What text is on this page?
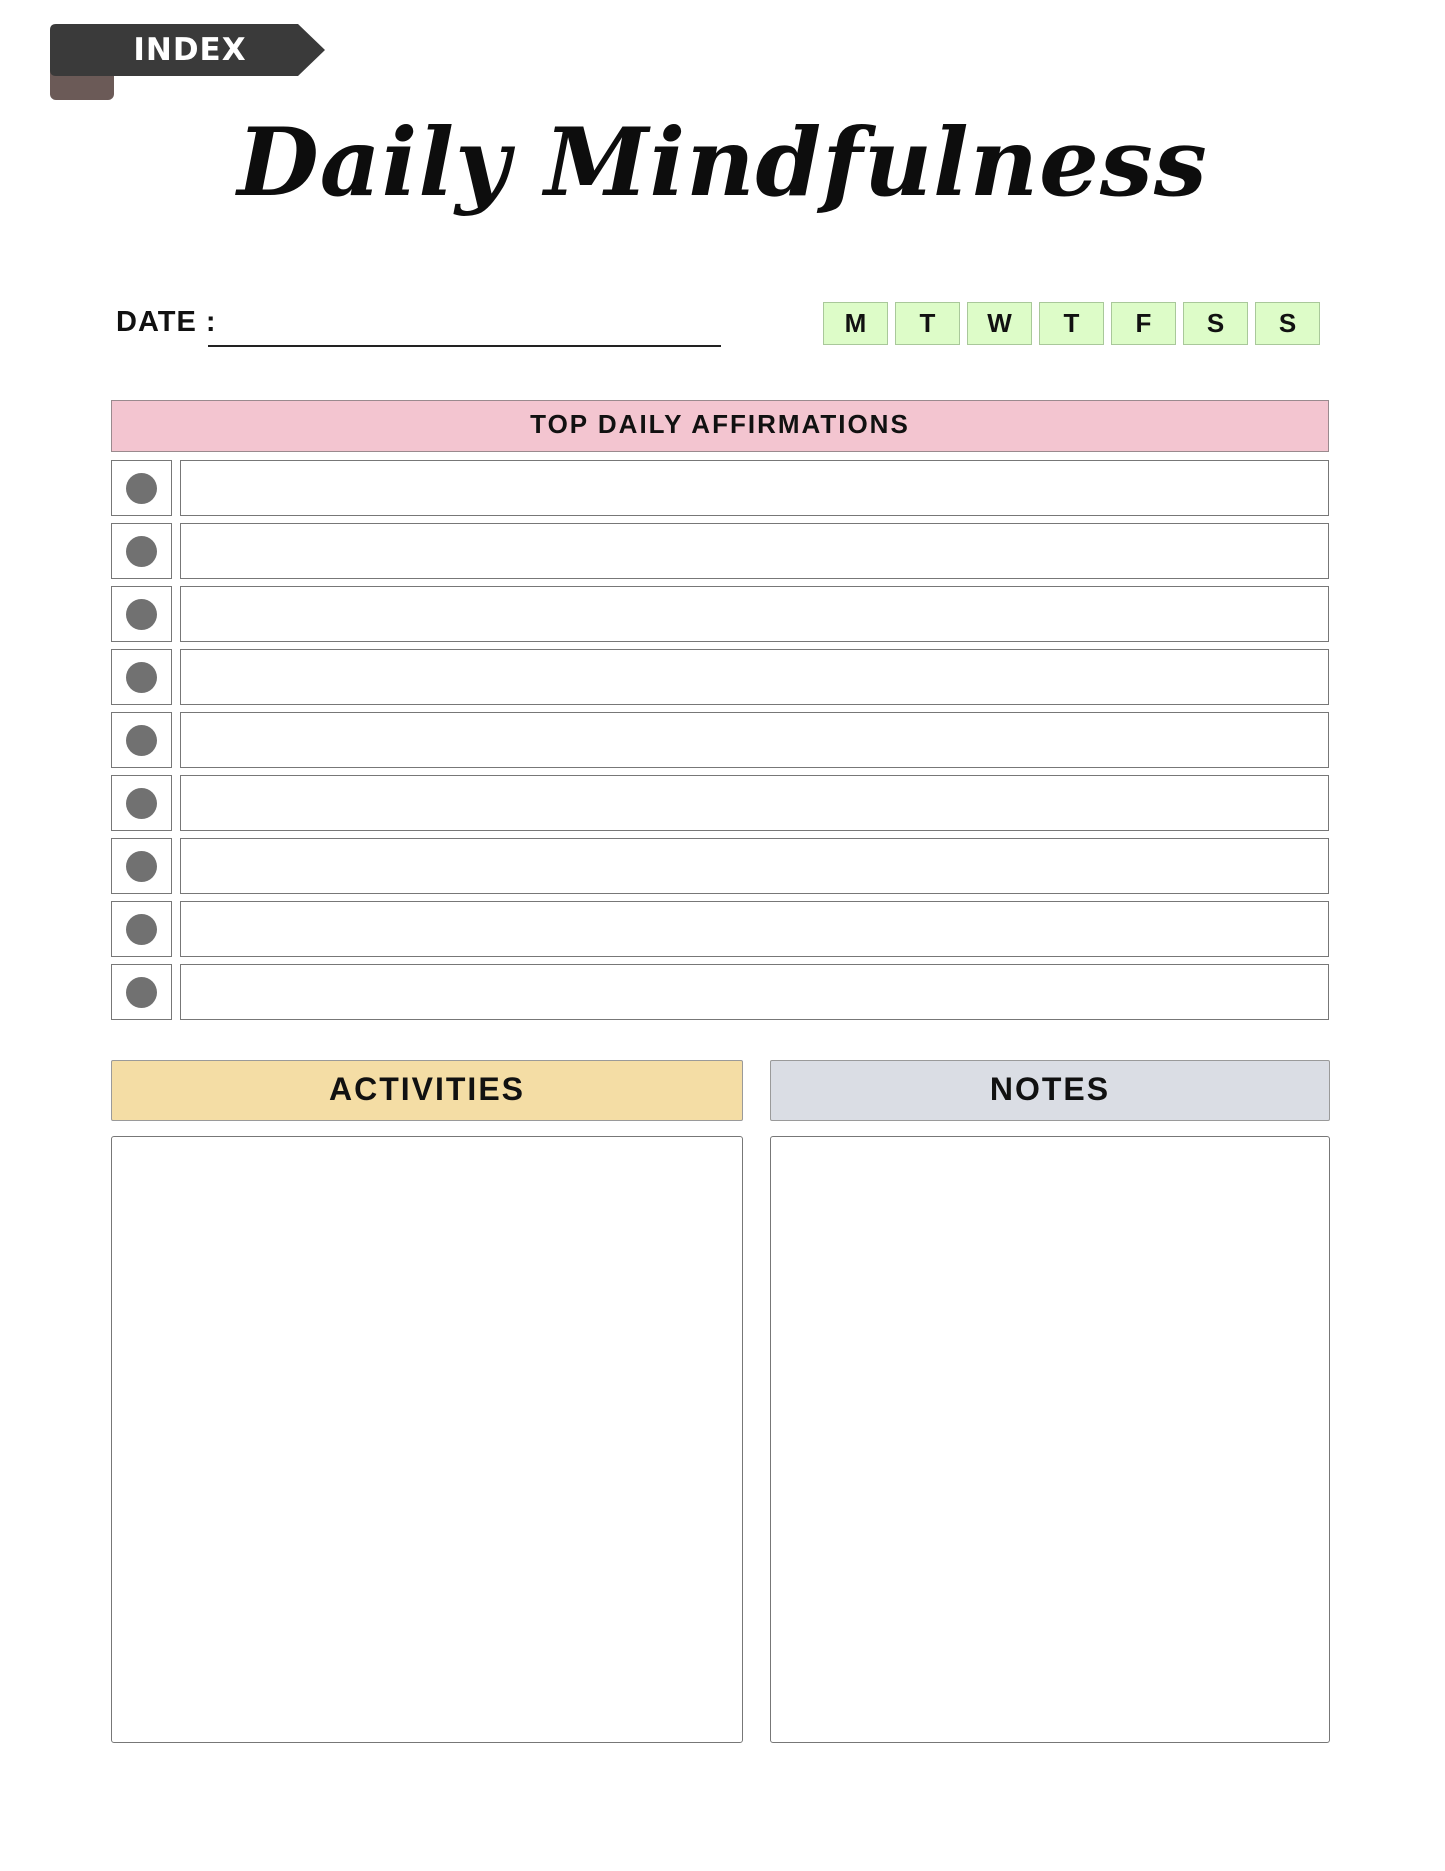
INDEX
Daily Mindfulness
DATE :	M	T	W	T	F	S	S
TOP DAILY AFFIRMATIONS
ACTIVITIES	NOTES
